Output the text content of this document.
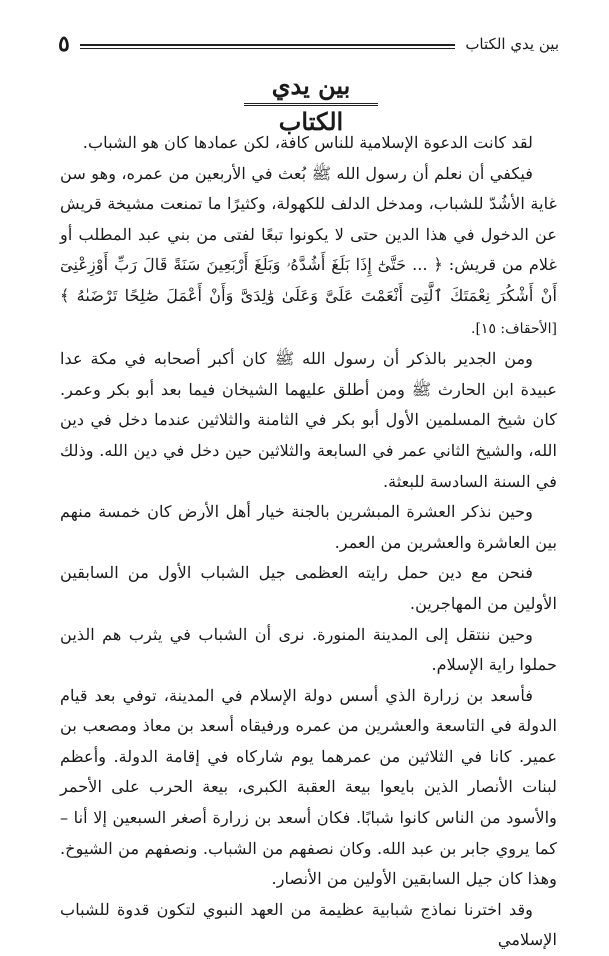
بين يدي الكتاب
٥
بين يدي الكتاب

لقد كانت الدعوة الإسلامية للناس كافة، لكن عمادها كان هو الشباب.

فيكفي أن نعلم أن رسول الله ﷺ بُعث في الأربعين من عمره، وهو سن غاية الأشُدّ للشباب، ومدخل الدلف للكهولة، وكثيرًا ما تمنعت مشيخة قريش عن الدخول في هذا الدين حتى لا يكونوا تبعًا لفتى من بني عبد المطلب أو غلام من قريش: ﴿ ... حَتَّىٰٓ إِذَا بَلَغَ أَشُدَّهُۥ وَبَلَغَ أَرْبَعِينَ سَنَةً قَالَ رَبِّ أَوْزِعْنِىٓ أَنْ أَشْكُرَ نِعْمَتَكَ ٱلَّتِىٓ أَنْعَمْتَ عَلَىَّ وَعَلَىٰ وَٰلِدَىَّ وَأَنْ أَعْمَلَ صَٰلِحًا تَرْضَىٰهُ ﴾ [الأحقاف: ١٥].

ومن الجدير بالذكر أن رسول الله ﷺ كان أكبر أصحابه في مكة عدا عبيدة ابن الحارث ﷺ ومن أطلق عليهما الشيخان فيما بعد أبو بكر وعمر. كان شيخ المسلمين الأول أبو بكر في الثامنة والثلاثين عندما دخل في دين الله، والشيخ الثاني عمر في السابعة والثلاثين حين دخل في دين الله. وذلك في السنة السادسة للبعثة.

وحين نذكر العشرة المبشرين بالجنة خيار أهل الأرض كان خمسة منهم بين العاشرة والعشرين من العمر.

فنحن مع دين حمل رايته العظمى جيل الشباب الأول من السابقين الأولين من المهاجرين.

وحين ننتقل إلى المدينة المنورة. نرى أن الشباب في يثرب هم الذين حملوا راية الإسلام.

فأسعد بن زرارة الذي أسس دولة الإسلام في المدينة، توفي بعد قيام الدولة في التاسعة والعشرين من عمره ورفيقاه أسعد بن معاذ ومصعب بن عمير. كانا في الثلاثين من عمرهما يوم شاركاه في إقامة الدولة. وأعظم لبنات الأنصار الذين بايعوا بيعة العقبة الكبرى، بيعة الحرب على الأحمر والأسود من الناس كانوا شبابًا. فكان أسعد بن زرارة أصغر السبعين إلا أنا – كما يروي جابر بن عبد الله. وكان نصفهم من الشباب. ونصفهم من الشيوخ. وهذا كان جيل السابقين الأولين من الأنصار.

وقد اخترنا نماذج شبابية عظيمة من العهد النبوي لتكون قدوة للشباب الإسلامي
